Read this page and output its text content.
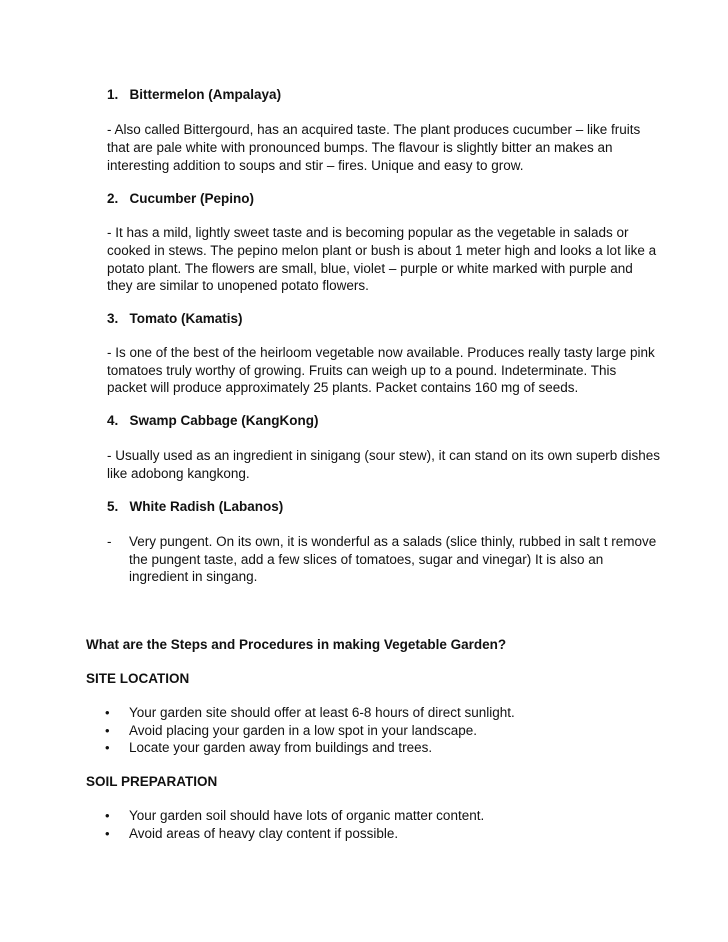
1. Bittermelon (Ampalaya)
- Also called Bittergourd, has an acquired taste. The plant produces cucumber – like fruits
that are pale white with pronounced bumps. The flavour is slightly bitter an makes an
interesting addition to soups and stir – fires. Unique and easy to grow.
2. Cucumber (Pepino)
- It has a mild, lightly sweet taste and is becoming popular as the vegetable in salads or
cooked in stews. The pepino melon plant or bush is about 1 meter high and looks a lot like a
potato plant. The flowers are small, blue, violet – purple or white marked with purple and
they are similar to unopened potato flowers.
3. Tomato (Kamatis)
- Is one of the best of the heirloom vegetable now available. Produces really tasty large pink
tomatoes truly worthy of growing. Fruits can weigh up to a pound. Indeterminate. This
packet will produce approximately 25 plants. Packet contains 160 mg of seeds.
4. Swamp Cabbage (KangKong)
- Usually used as an ingredient in sinigang (sour stew), it can stand on its own superb dishes
like adobong kangkong.
5. White Radish (Labanos)
- Very pungent. On its own, it is wonderful as a salads (slice thinly, rubbed in salt t remove
the pungent taste, add a few slices of tomatoes, sugar and vinegar) It is also an
ingredient in singang.
What are the Steps and Procedures in making Vegetable Garden?
SITE LOCATION
• Your garden site should offer at least 6-8 hours of direct sunlight.
• Avoid placing your garden in a low spot in your landscape.
• Locate your garden away from buildings and trees.
SOIL PREPARATION
• Your garden soil should have lots of organic matter content.
• Avoid areas of heavy clay content if possible.
